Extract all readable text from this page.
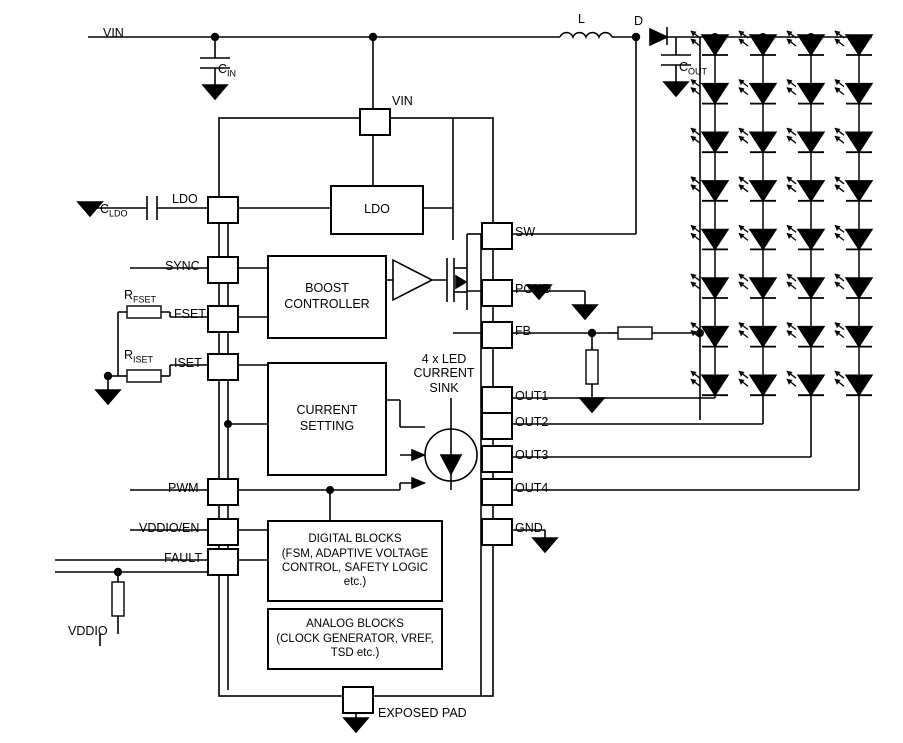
LDO
BOOST
CONTROLLER
CURRENT
SETTING
DIGITAL BLOCKS
(FSM, ADAPTIVE VOLTAGE
CONTROL, SAFETY LOGIC
etc.)
ANALOG BLOCKS
(CLOCK GENERATOR, VREF,
TSD etc.)
VIN
$C_{IN}$
L	D
$C_{OUT}$
VIN
$C_{LDO}$
LDO
SYNC
FSET
ISET
$R_{FSET}$
$R_{ISET}$
PWM
VDDIO/EN
FAULT
VDDIO
SW
PGND
FB
OUT1
OUT2
OUT3
OUT4
GND
4 x LED
CURRENT
SINK
EXPOSED PAD
